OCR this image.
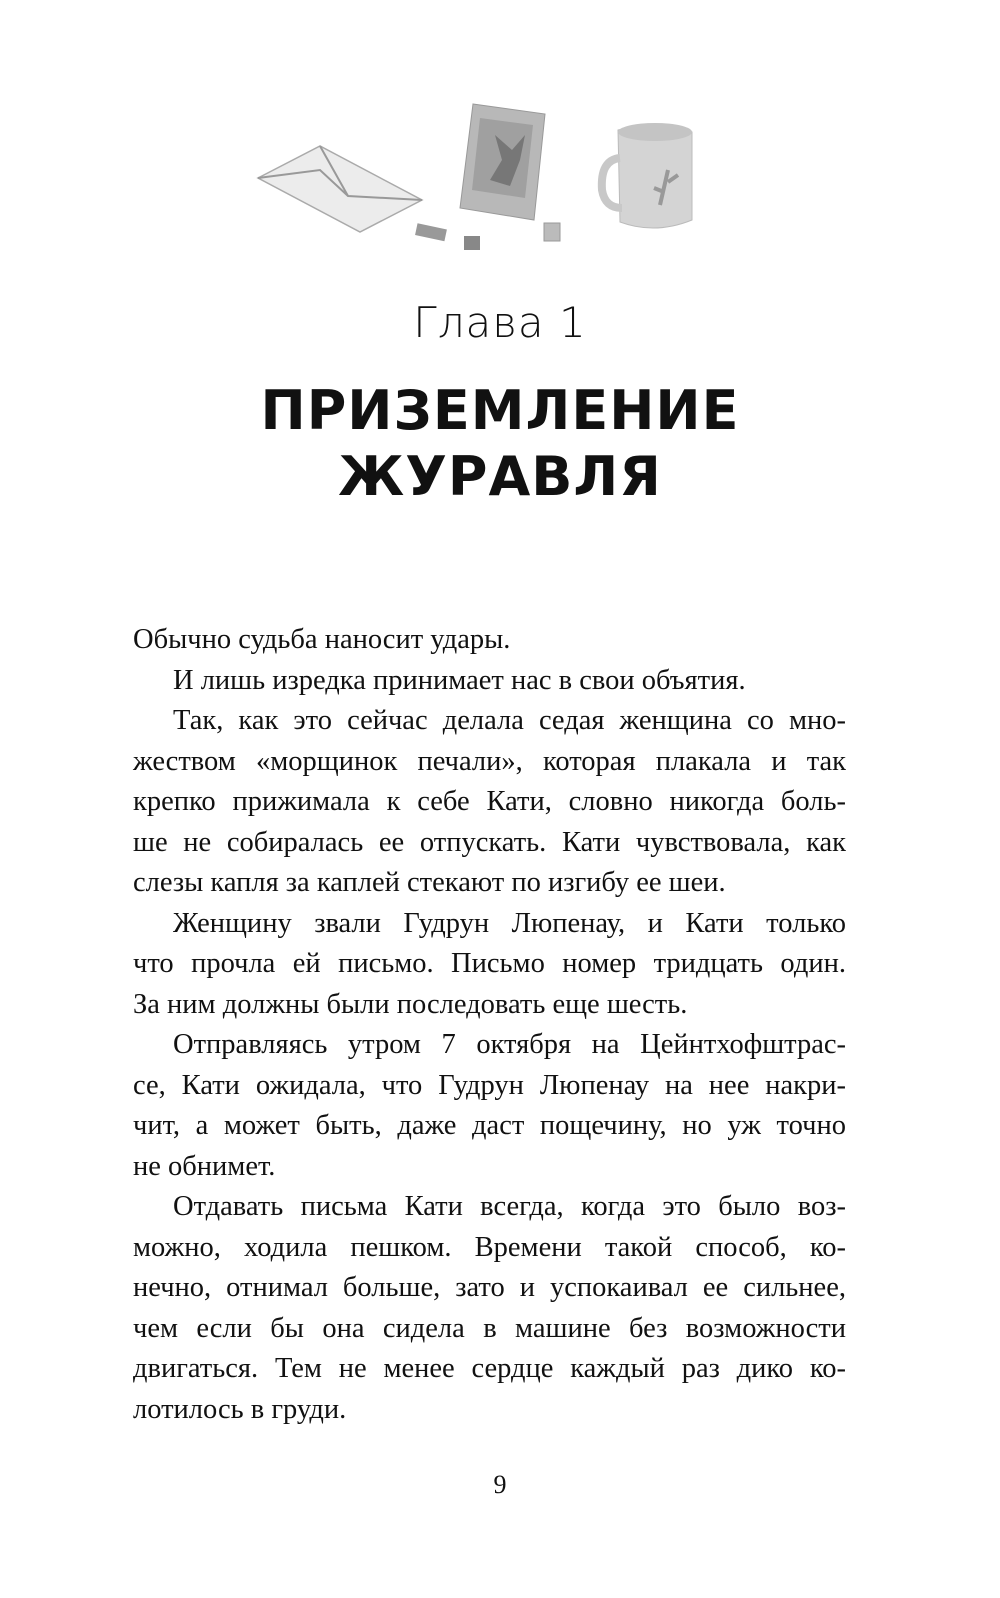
Глава 1
ПРИЗЕМЛЕНИЕ
ЖУРАВЛЯ
Обычно судьба наносит удары.
И лишь изредка принимает нас в свои объятия.
Так, как это сейчас делала седая женщина со мно-
жеством «морщинок печали», которая плакала и так
крепко прижимала к себе Кати, словно никогда боль-
ше не собиралась ее отпускать. Кати чувствовала, как
слезы капля за каплей стекают по изгибу ее шеи.
Женщину звали Гудрун Люпенау, и Кати только
что прочла ей письмо. Письмо номер тридцать один.
За ним должны были последовать еще шесть.
Отправляясь утром 7 октября на Цейнтхофштрас-
се, Кати ожидала, что Гудрун Люпенау на нее накри-
чит, а может быть, даже даст пощечину, но уж точно
не обнимет.
Отдавать письма Кати всегда, когда это было воз-
можно, ходила пешком. Времени такой способ, ко-
нечно, отнимал больше, зато и успокаивал ее сильнее,
чем если бы она сидела в машине без возможности
двигаться. Тем не менее сердце каждый раз дико ко-
лотилось в груди.
9
